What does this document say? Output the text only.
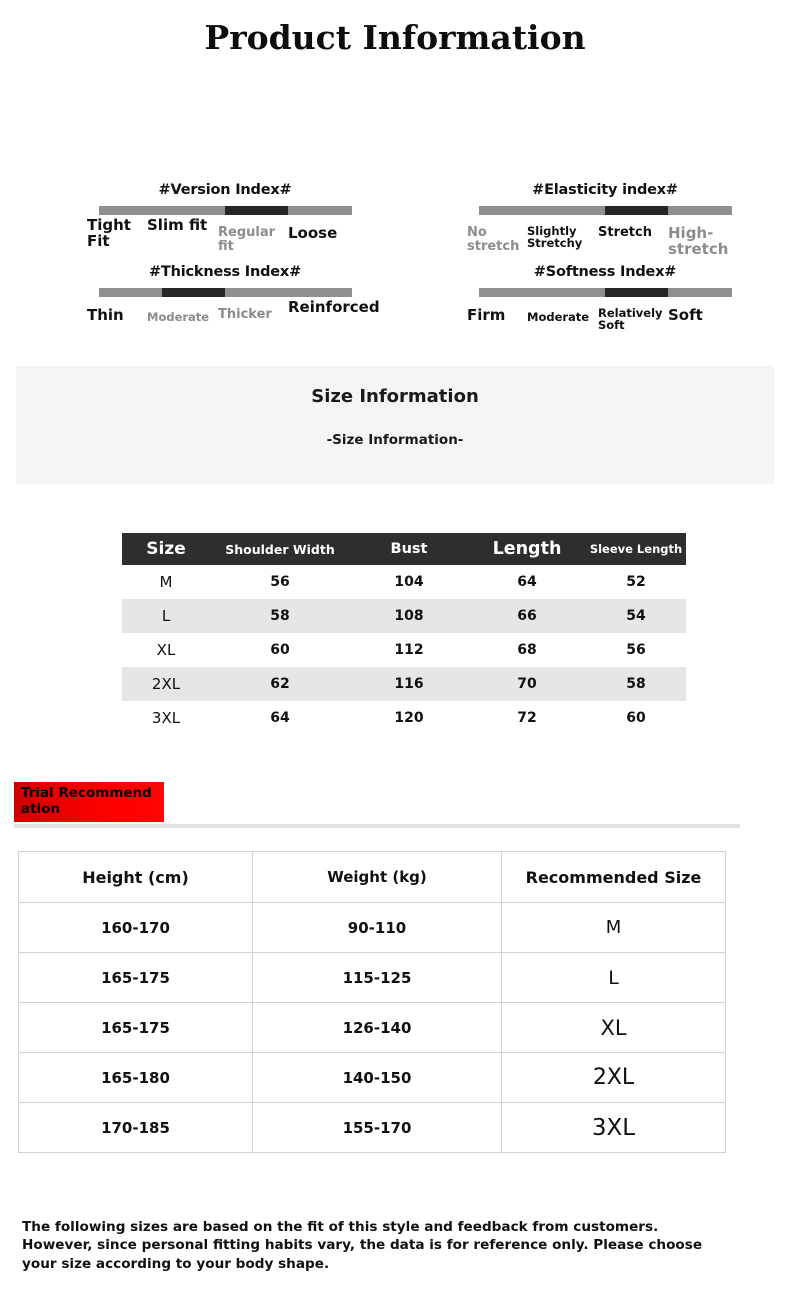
Product Information
#Version Index#
Tight Fit
Slim fit Regular fit
Loose
#Elasticity index#
No stretch
Slightly Stretchy
Stretch	High-stretch
#Thickness Index#
Thin	Moderate Thicker	Reinforced
#Softness Index#
Firm	Moderate Relatively Soft
Soft
Size Information
-Size Information-
Size	Shoulder Width	Bust	Length	Sleeve Length
M	56	104	64	52
L	58	108	66	54
XL	60	112	68	56
2XL	62	116	70	58
3XL	64	120	72	60
Trial Recommendation
Height (cm)	Weight (kg)	Recommended Size
160-170	90-110	M
165-175	115-125	L
165-175	126-140	XL
165-180	140-150	2XL
170-185	155-170	3XL
The following sizes are based on the fit of this style and feedback from customers. However, since personal fitting habits vary, the data is for reference only. Please choose your size according to your body shape.
